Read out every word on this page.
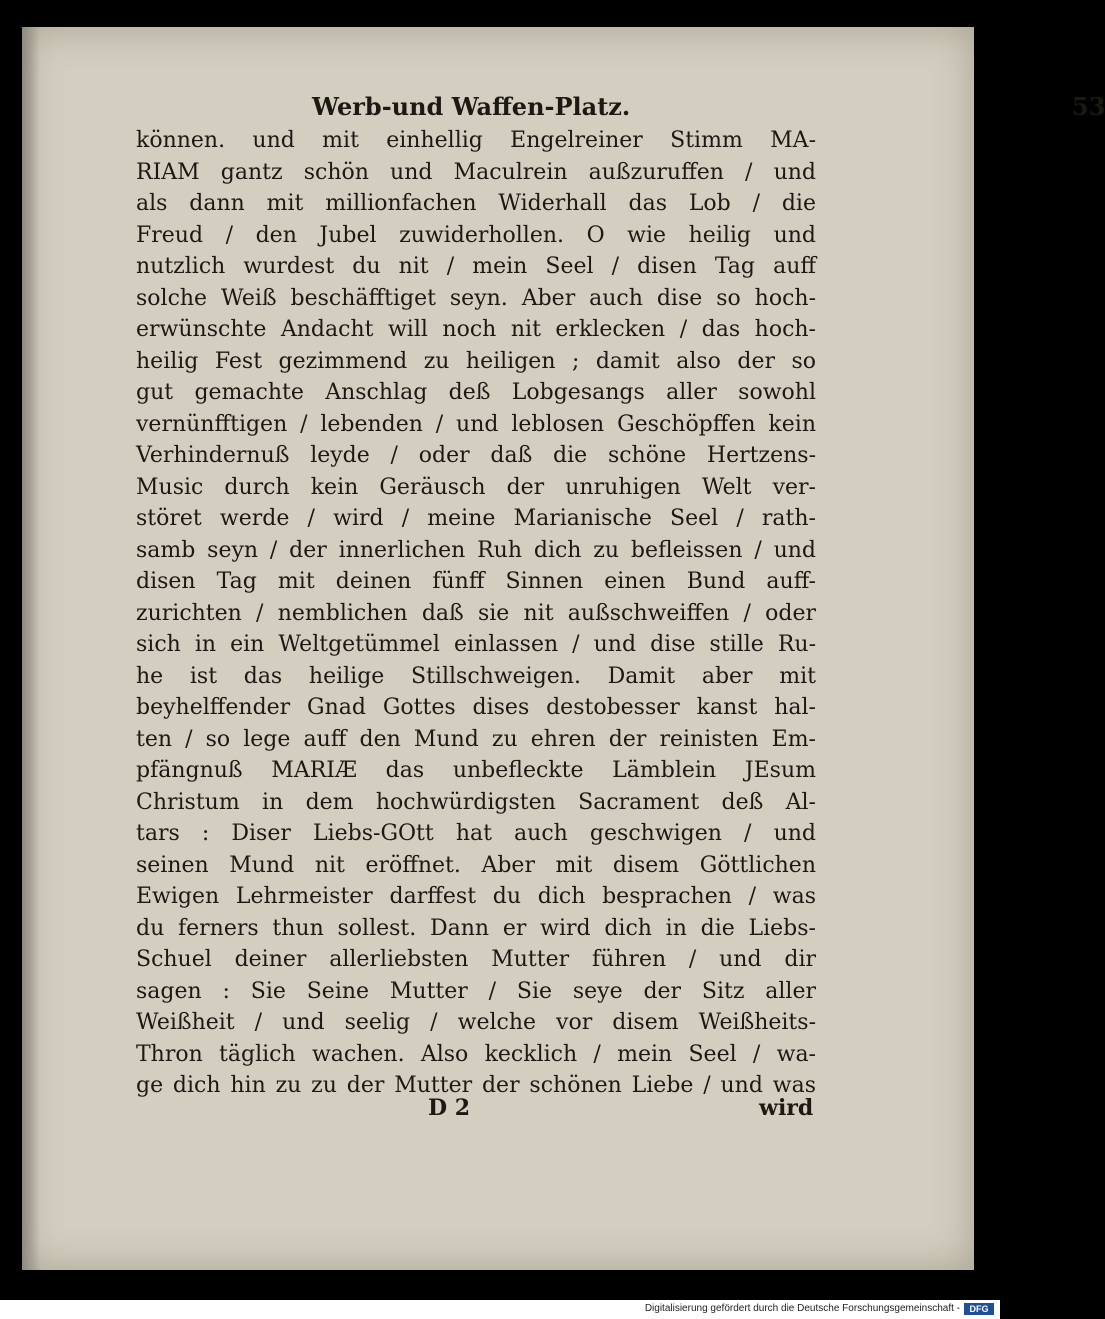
Werb-und Waffen-Platz.	53
können. und mit einhellig Engelreiner Stimm MA-
RIAM gantz schön und Maculrein außzuruffen / und
als dann mit millionfachen Widerhall das Lob / die
Freud / den Jubel zuwiderhollen. O wie heilig und
nutzlich wurdest du nit / mein Seel / disen Tag auff
solche Weiß beschäfftiget seyn. Aber auch dise so hoch-
erwünschte Andacht will noch nit erklecken / das hoch-
heilig Fest gezimmend zu heiligen ; damit also der so
gut gemachte Anschlag deß Lobgesangs aller sowohl
vernünfftigen / lebenden / und leblosen Geschöpffen kein
Verhindernuß leyde / oder daß die schöne Hertzens-
Music durch kein Geräusch der unruhigen Welt ver-
störet werde / wird / meine Marianische Seel / rath-
samb seyn / der innerlichen Ruh dich zu befleissen / und
disen Tag mit deinen fünff Sinnen einen Bund auff-
zurichten / nemblichen daß sie nit außschweiffen / oder
sich in ein Weltgetümmel einlassen / und dise stille Ru-
he ist das heilige Stillschweigen. Damit aber mit
beyhelffender Gnad Gottes dises destobesser kanst hal-
ten / so lege auff den Mund zu ehren der reinisten Em-
pfängnuß MARIÆ das unbefleckte Lämblein JEsum
Christum in dem hochwürdigsten Sacrament deß Al-
tars : Diser Liebs-GOtt hat auch geschwigen / und
seinen Mund nit eröffnet. Aber mit disem Göttlichen
Ewigen Lehrmeister darffest du dich besprachen / was
du ferners thun sollest. Dann er wird dich in die Liebs-
Schuel deiner allerliebsten Mutter führen / und dir
sagen : Sie Seine Mutter / Sie seye der Sitz aller
Weißheit / und seelig / welche vor disem Weißheits-
Thron täglich wachen. Also kecklich / mein Seel / wa-
ge dich hin zu zu der Mutter der schönen Liebe / und was
D 2	wird
Digitalisierung gefördert durch die Deutsche Forschungsgemeinschaft -	DFG
